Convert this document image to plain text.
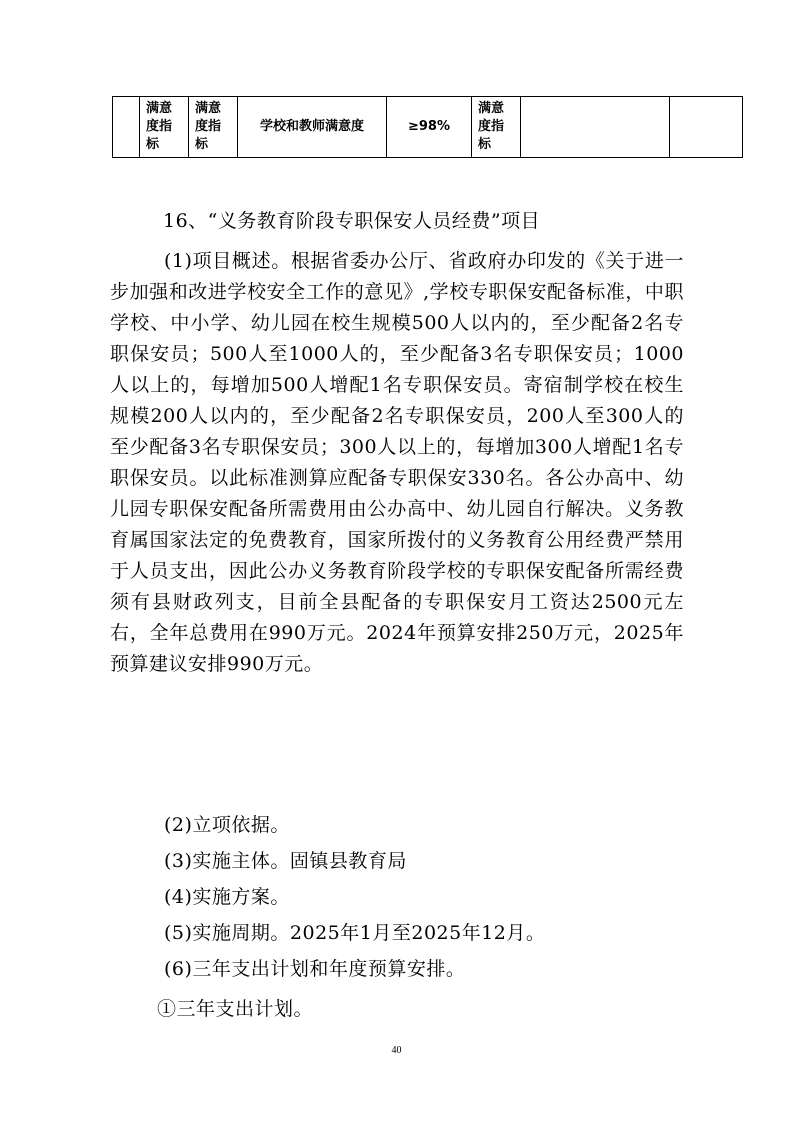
	满意
度指
标	满意
度指
标	学校和教师满意度	≥98%	满意
度指
标		

16、“义务教育阶段专职保安人员经费”项目

(1)项目概述。根据省委办公厅、省政府办印发的《关于进一步加强和改进学校安全工作的意见》,学校专职保安配备标准，中职学校、中小学、幼儿园在校生规模500人以内的，至少配备2名专职保安员；500人至1000人的，至少配备3名专职保安员；1000人以上的，每增加500人增配1名专职保安员。寄宿制学校在校生规模200人以内的，至少配备2名专职保安员，200人至300人的至少配备3名专职保安员；300人以上的，每增加300人增配1名专职保安员。以此标准测算应配备专职保安330名。各公办高中、幼儿园专职保安配备所需费用由公办高中、幼儿园自行解决。义务教育属国家法定的免费教育，国家所拨付的义务教育公用经费严禁用于人员支出，因此公办义务教育阶段学校的专职保安配备所需经费须有县财政列支，目前全县配备的专职保安月工资达2500元左右，全年总费用在990万元。2024年预算安排250万元，2025年预算建议安排990万元。

(2)立项依据。

(3)实施主体。固镇县教育局

(4)实施方案。

(5)实施周期。2025年1月至2025年12月。

(6)三年支出计划和年度预算安排。

①三年支出计划。

40
